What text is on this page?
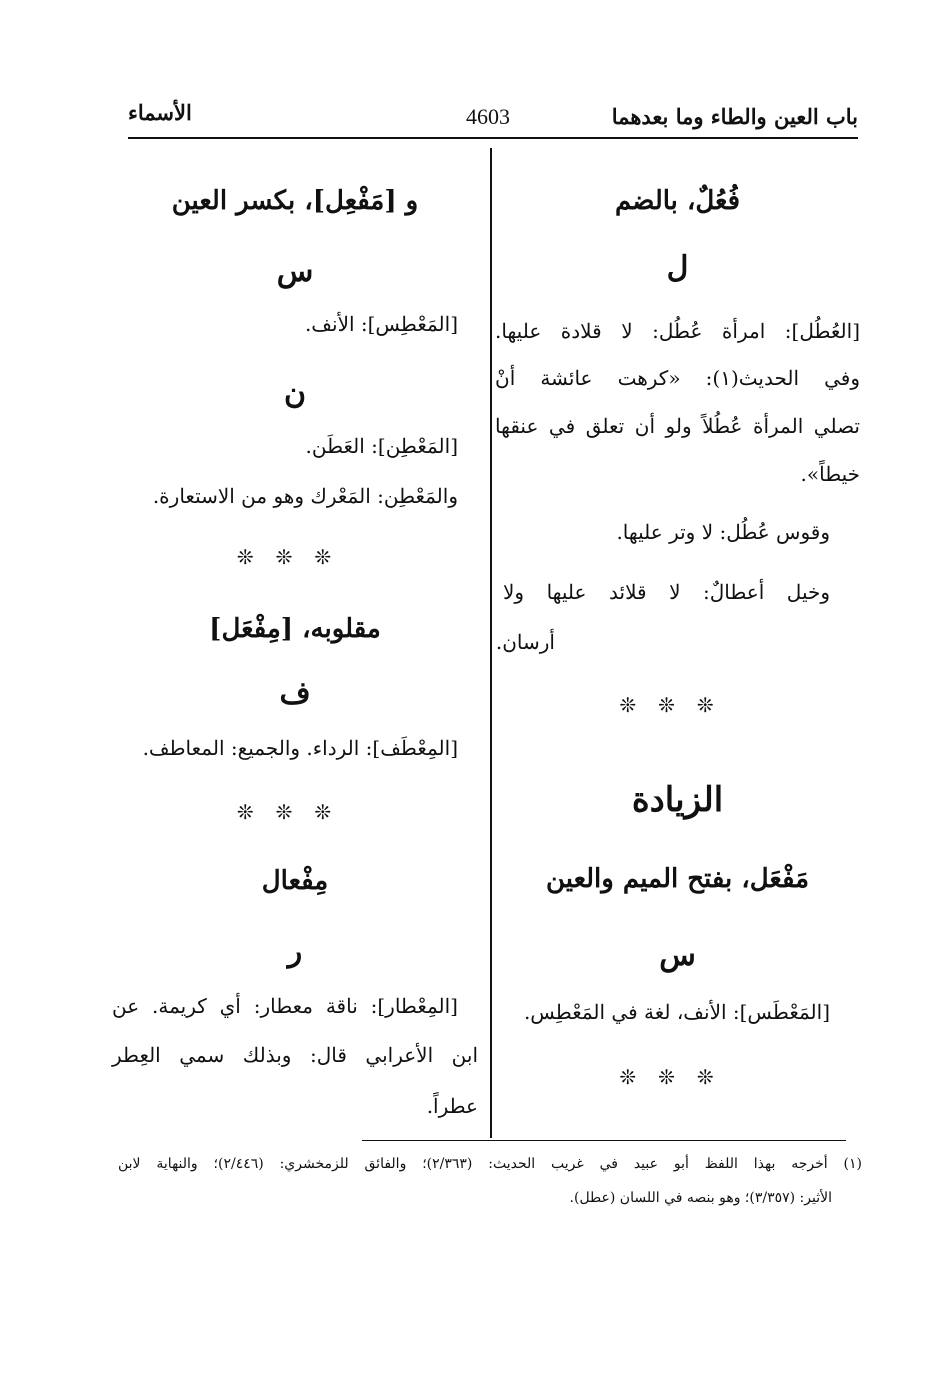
باب العين والطاء وما بعدهما
4603
الأسماء
فُعُلٌ، بالضم
ل
[العُطُل]: امرأة عُطُل: لا قلادة عليها.
وفي الحديث(١): «كرهت عائشة أنْ
تصلي المرأة عُطُلاً ولو أن تعلق في عنقها
خيطاً».
وقوس عُطُل: لا وتر عليها.
وخيل أعطالٌ: لا قلائد عليها ولا
أرسان.
❊❊❊
الزيادة
مَفْعَل، بفتح الميم والعين
س
[المَعْطَس]: الأنف، لغة في المَعْطِس.
❊❊❊
و [مَفْعِل]، بكسر العين
س
[المَعْطِس]: الأنف.
ن
[المَعْطِن]: العَطَن.
والمَعْطِن: المَعْرك وهو من الاستعارة.
❊❊❊
مقلوبه، [مِفْعَل]
ف
[المِعْطَف]: الرداء. والجميع: المعاطف.
❊❊❊
مِفْعال
ر
[المِعْطار]: ناقة معطار: أي كريمة. عن
ابن الأعرابي قال: وبذلك سمي العِطر
عطراً.
(١) أخرجه بهذا اللفظ أبو عبيد في غريب الحديث: (٢/٣٦٣)؛ والفائق للزمخشري: (٢/٤٤٦)؛ والنهاية لابن
الأثير: (٣/٣٥٧)؛ وهو بنصه في اللسان (عطل).
